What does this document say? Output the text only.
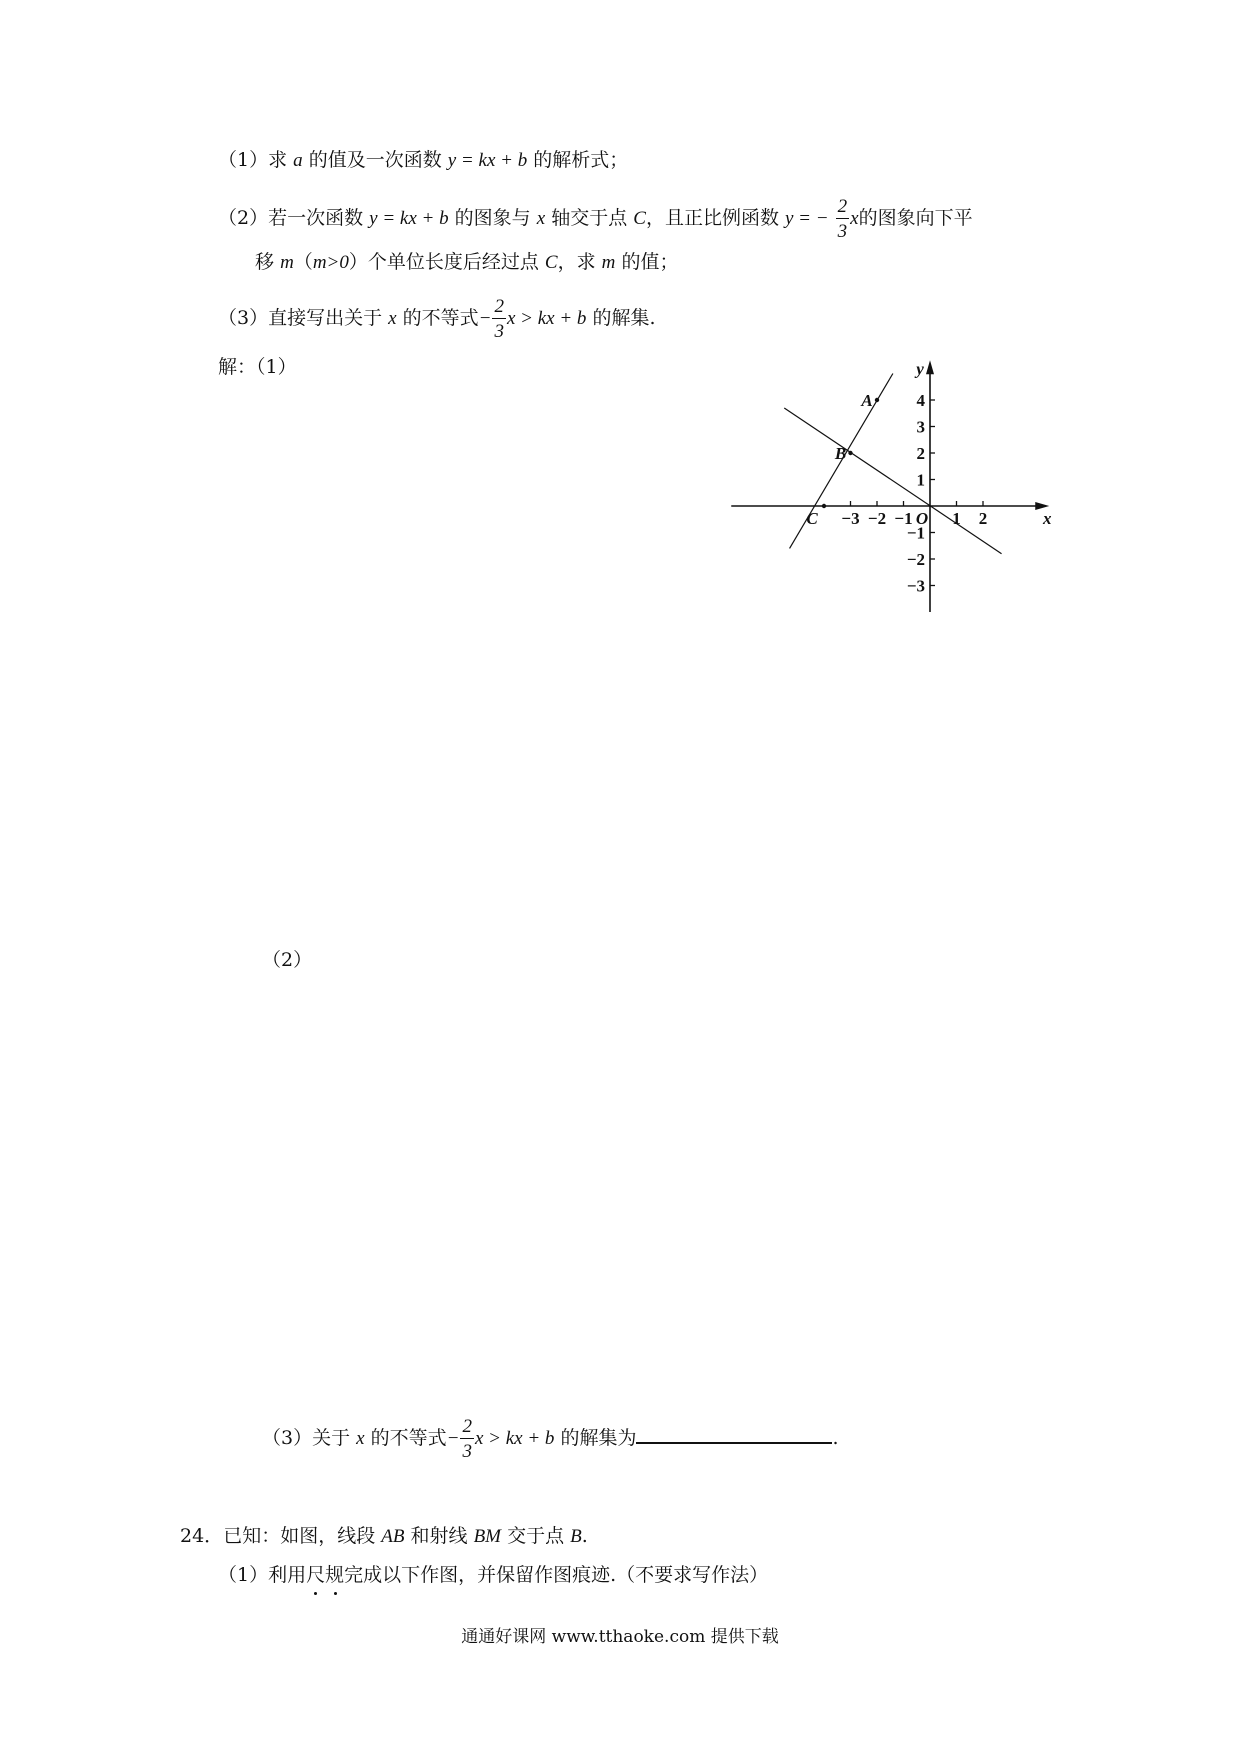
（1）求 a 的值及一次函数 y = kx + b 的解析式；
（2）若一次函数 y = kx + b 的图象与 x 轴交于点 C，且正比例函数 y = − $\frac{2}{3}$ x的图象向下平
移 m（m>0）个单位长度后经过点 C，求 m 的值；
（3）直接写出关于 x 的不等式− $\frac{2}{3}$ x > kx + b 的解集.
解：（1）
x
y
O
−3 −2 −1 1 2
4
3
2
1
−1
−2
−3
A
B
C
（2）
（3）关于 x 的不等式− $\frac{2}{3}$ x > kx + b 的解集为	.
24．已知：如图，线段 AB 和射线 BM 交于点 B.
（1）利用尺规
完成以下作图，并保留作图痕迹.（不要求写作法）
通通好课网 www.tthaoke.com 提供下载
